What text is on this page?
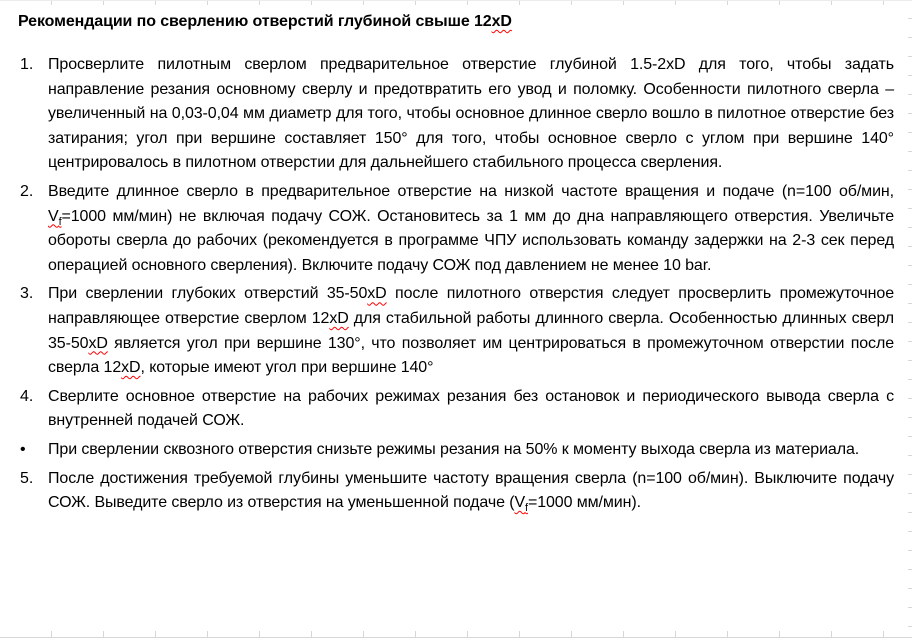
Рекомендации по сверлению отверстий глубиной свыше 12xD
1. Просверлите пилотным сверлом предварительное отверстие глубиной 1.5-2xD для того, чтобы задать направление резания основному сверлу и предотвратить его увод и поломку. Особенности пилотного сверла – увеличенный на 0,03-0,04 мм диаметр для того, чтобы основное длинное сверло вошло в пилотное отверстие без затирания; угол при вершине составляет 150° для того, чтобы основное сверло с углом при вершине 140° центрировалось в пилотном отверстии для дальнейшего стабильного процесса сверления.
2. Введите длинное сверло в предварительное отверстие на низкой частоте вращения и подаче (n=100 об/мин, $V_f=1000$ мм/мин) не включая подачу СОЖ. Остановитесь за 1 мм до дна направляющего отверстия. Увеличьте обороты сверла до рабочих (рекомендуется в программе ЧПУ использовать команду задержки на 2-3 сек перед операцией основного сверления). Включите подачу СОЖ под давлением не менее 10 bar.
3. При сверлении глубоких отверстий 35-50xD после пилотного отверстия следует просверлить промежуточное направляющее отверстие сверлом 12xD для стабильной работы длинного сверла. Особенностью длинных сверл 35-50xD является угол при вершине 130°, что позволяет им центрироваться в промежуточном отверстии после сверла 12xD, которые имеют угол при вершине 140°
4. Сверлите основное отверстие на рабочих режимах резания без остановок и периодического вывода сверла с внутренней подачей СОЖ.
•	При сверлении сквозного отверстия снизьте режимы резания на 50% к моменту выхода сверла из материала.
5. После достижения требуемой глубины уменьшите частоту вращения сверла (n=100 об/мин). Выключите подачу СОЖ. Выведите сверло из отверстия на уменьшенной подаче ($V_f=1000$ мм/мин).
